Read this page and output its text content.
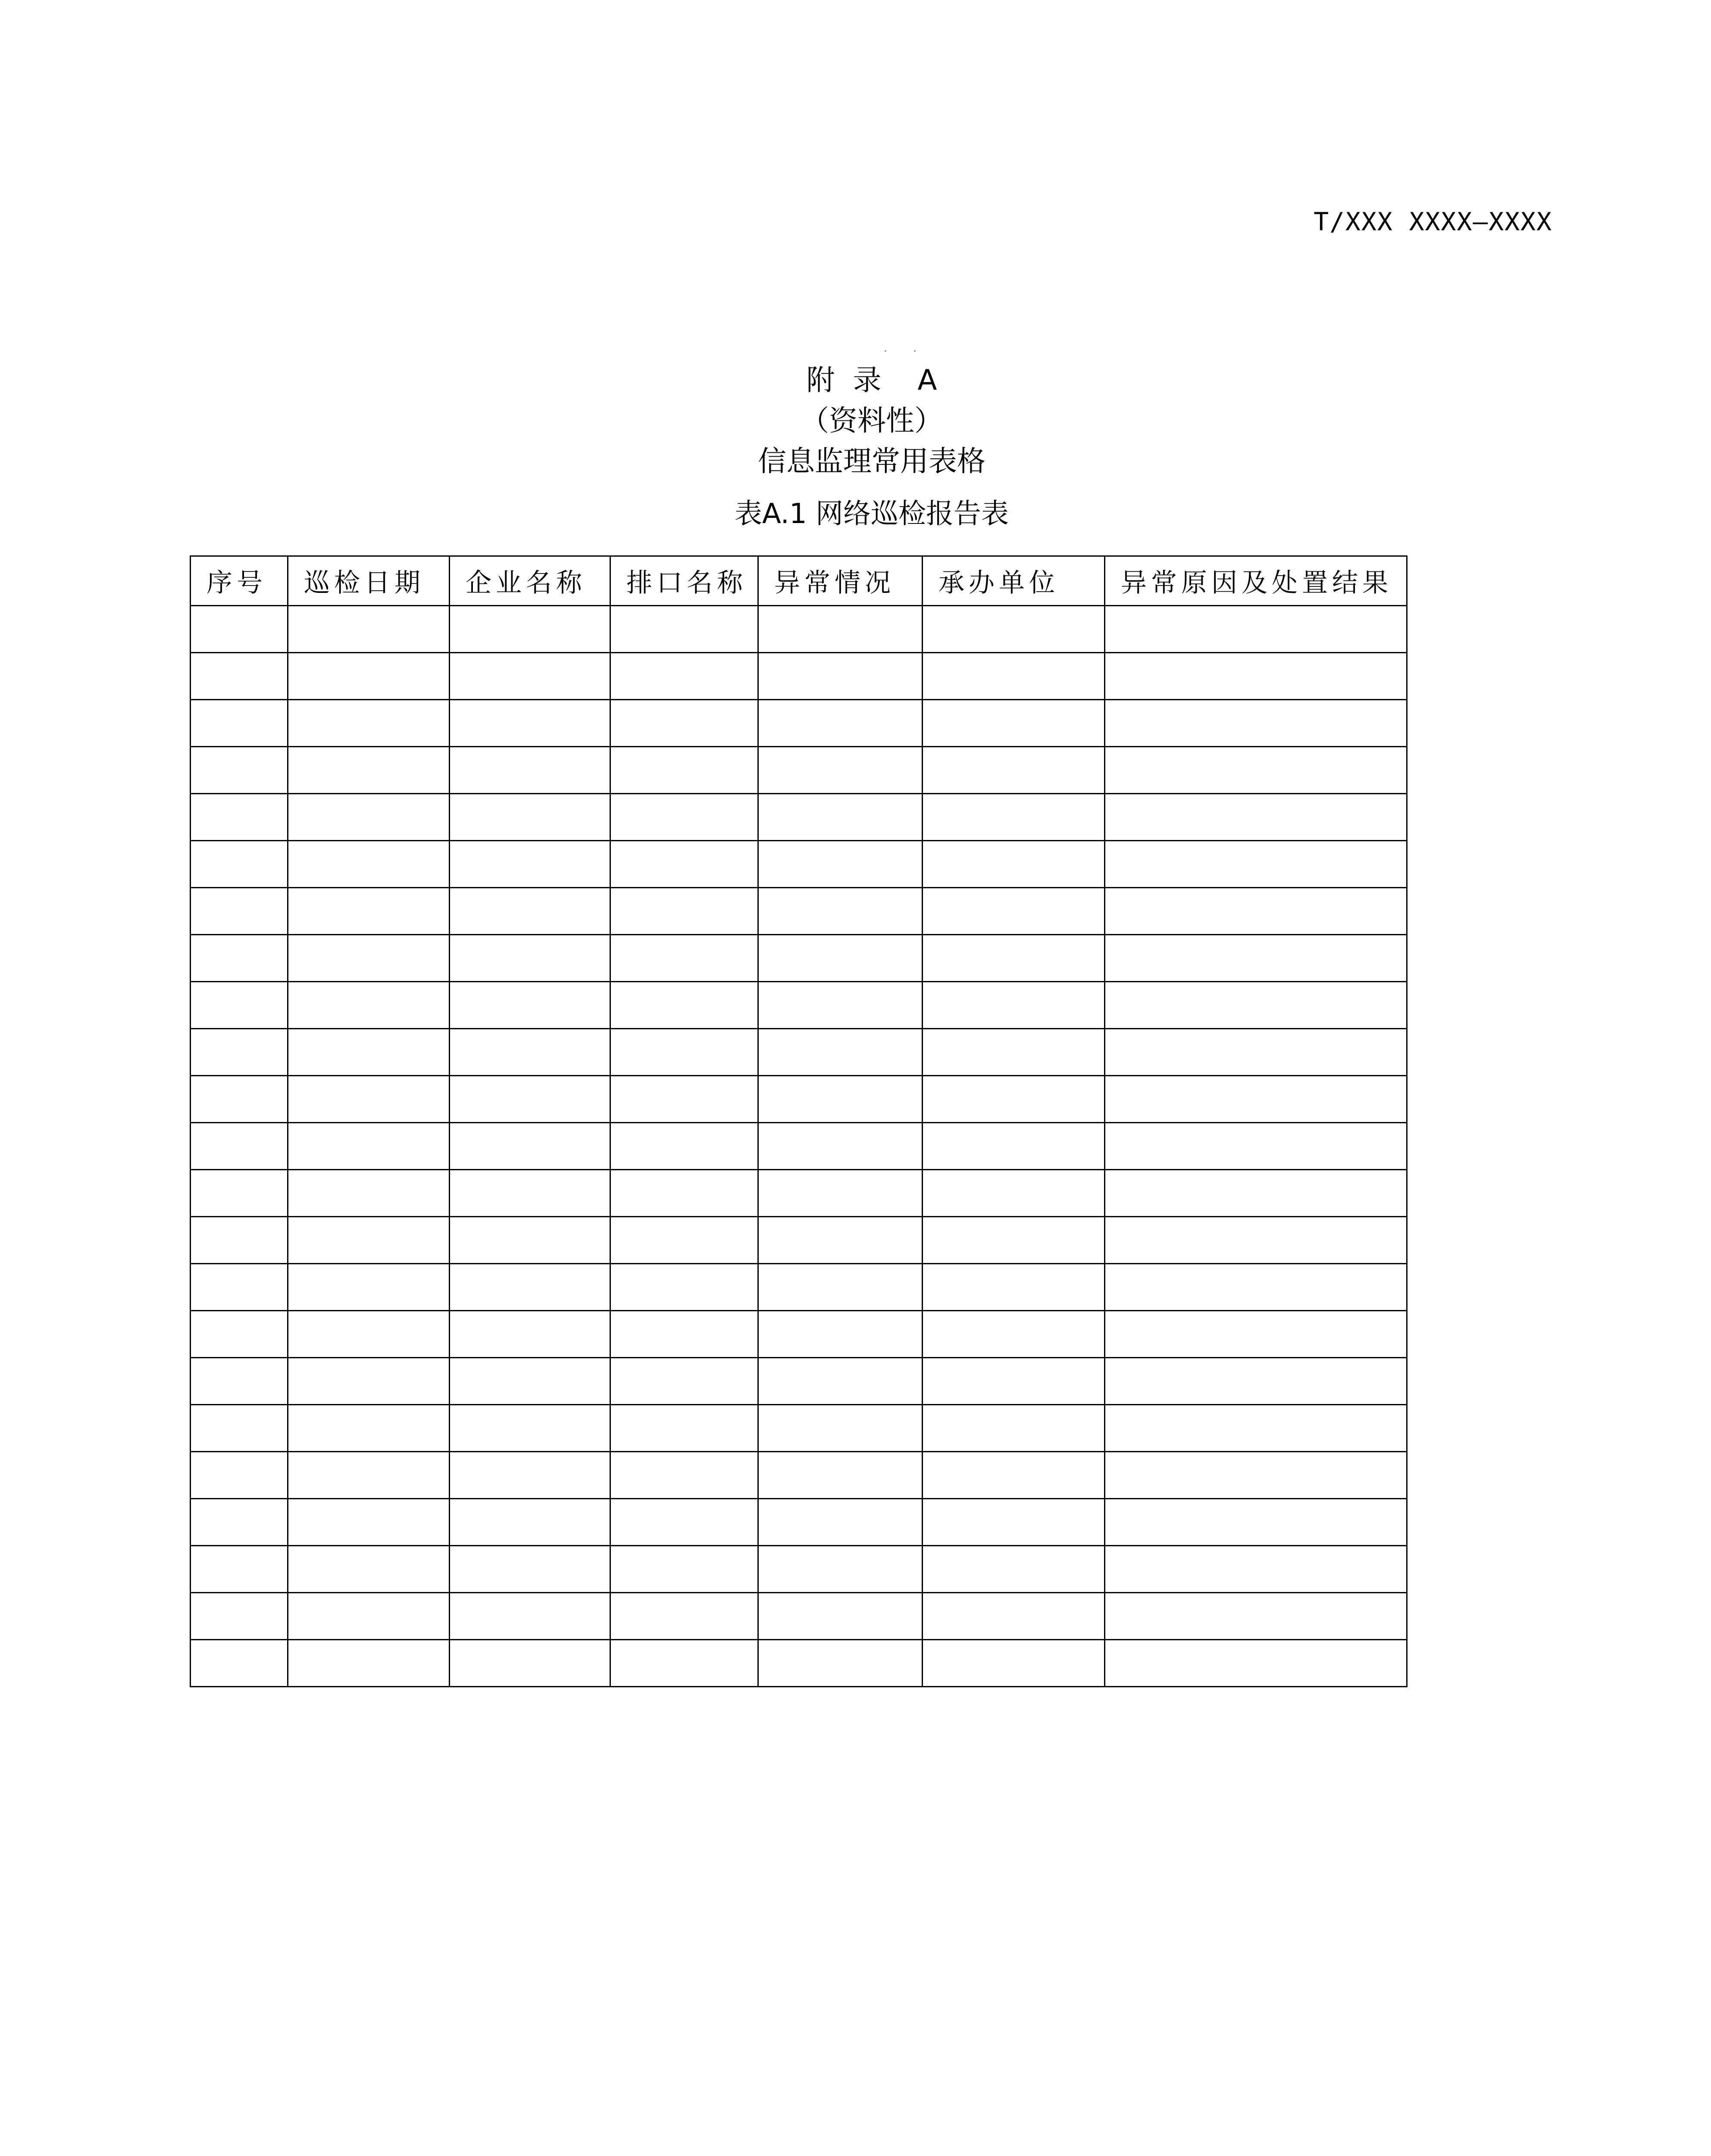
T/XXX XXXX—XXXX
附  录    A
（资料性）
信息监理常用表格
表A.1 网络巡检报告表
序号	巡检日期	企业名称	排口名称	异常情况	承办单位	异常原因及处置结果
